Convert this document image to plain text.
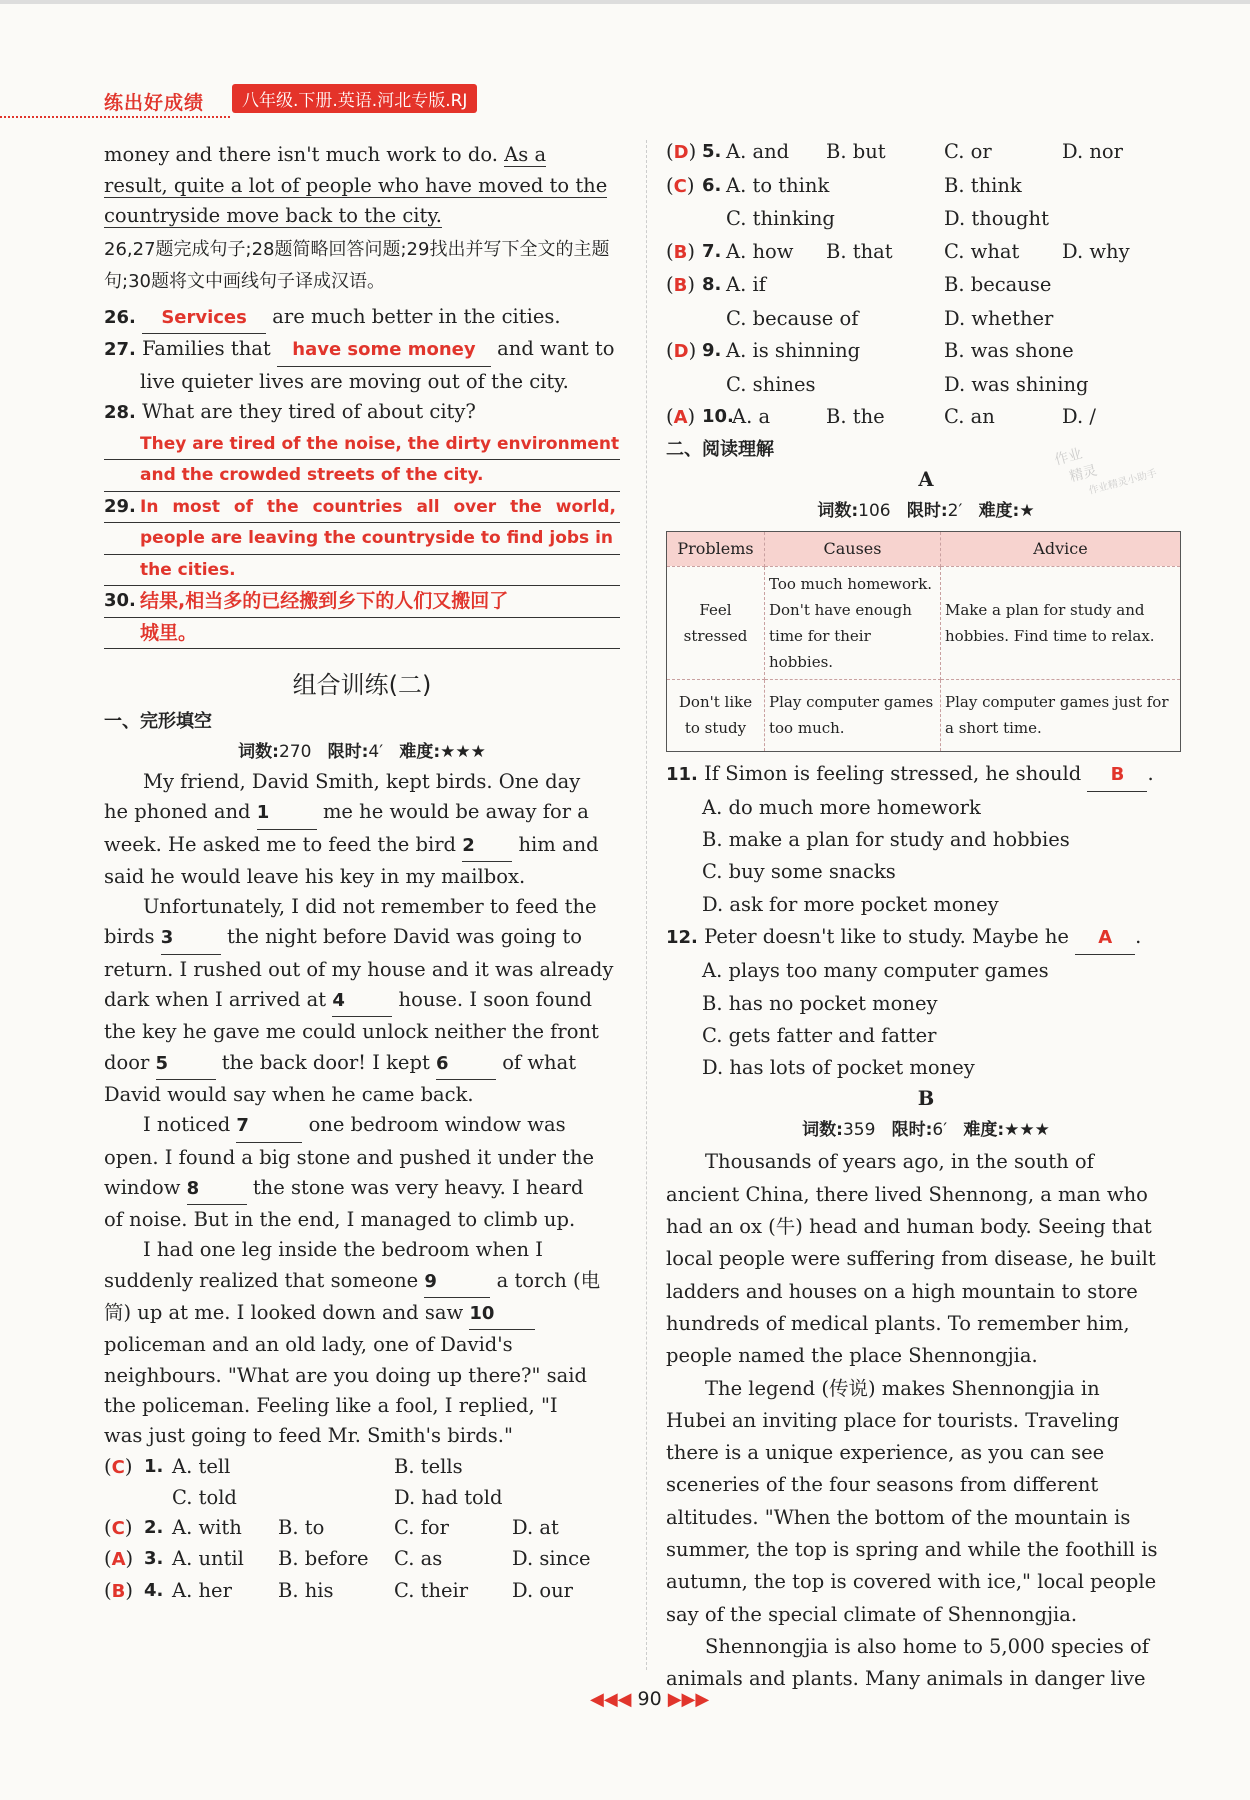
练出好成绩	八年级.下册.英语.河北专版.RJ
money and there isn't much work to do. As a
result, quite a lot of people who have moved to the
countryside move back to the city.
26,27题完成句子;28题简略回答问题;29找出并写下全文的主题句;30题将文中画线句子译成汉语。
26. Services are much better in the cities.
27. Families that have some money and want to
live quieter lives are moving out of the city.
28. What are they tired of about city?
They are tired of the noise, the dirty environment
and the crowded streets of the city.
29. In most of the countries all over the world,
people are leaving the countryside to find jobs in
the cities.
30. 结果,相当多的已经搬到乡下的人们又搬回了
城里。
组合训练(二)
一、完形填空
词数:270 限时:4′ 难度:★★★
My friend, David Smith, kept birds. One day
he phoned and 1	me he would be away for a
week. He asked me to feed the bird 2 him and
said he would leave his key in my mailbox.
Unfortunately, I did not remember to feed the
birds 3	the night before David was going to
return. I rushed out of my house and it was already
dark when I arrived at 4	house. I soon found
the key he gave me could unlock neither the front
door 5	the back door! I kept 6	of what
David would say when he came back.
I noticed 7	one bedroom window was
open. I found a big stone and pushed it under the
window 8	the stone was very heavy. I heard
of noise. But in the end, I managed to climb up.
I had one leg inside the bedroom when I
suddenly realized that someone 9	a torch (电
筒) up at me. I looked down and saw 10
policeman and an old lady, one of David's
neighbours. "What are you doing up there?" said
the policeman. Feeling like a fool, I replied, "I
was just going to feed Mr. Smith's birds."
(C) 1. A. tell	B. tells
C. told	D. had told
(C) 2. A. with	B. to	C. for	D. at
(A) 3. A. until	B. before	C. as	D. since
(B) 4. A. her	B. his	C. their	D. our
(D) 5. A. and	B. but	C. or	D. nor
(C) 6. A. to think	B. think
C. thinking	D. thought
(B) 7. A. how	B. that	C. what	D. why
(B) 8. A. if	B. because
C. because of	D. whether
(D) 9. A. is shinning	B. was shone
C. shines	D. was shining
(A) 10.
A. a	B. the	C. an	D. /
二、阅读理解
A
词数:106 限时:2′ 难度:★
Problems	Causes	Advice
Feel stressed	Too much homework. Don't have enough time for their hobbies.	Make a plan for study and hobbies. Find time to relax.
Don't like to study	Play computer games too much.	Play computer games just for a short time.
11. If Simon is feeling stressed, he should B .
A. do much more homework
B. make a plan for study and hobbies
C. buy some snacks
D. ask for more pocket money
12. Peter doesn't like to study. Maybe he A .
A. plays too many computer games
B. has no pocket money
C. gets fatter and fatter
D. has lots of pocket money
B
词数:359 限时:6′ 难度:★★★
Thousands of years ago, in the south of
ancient China, there lived Shennong, a man who
had an ox (牛) head and human body. Seeing that
local people were suffering from disease, he built
ladders and houses on a high mountain to store
hundreds of medical plants. To remember him,
people named the place Shennongjia.
The legend (传说) makes Shennongjia in
Hubei an inviting place for tourists. Traveling
there is a unique experience, as you can see
sceneries of the four seasons from different
altitudes. "When the bottom of the mountain is
summer, the top is spring and while the foothill is
autumn, the top is covered with ice," local people
say of the special climate of Shennongjia.
Shennongjia is also home to 5,000 species of
animals and plants. Many animals in danger live
作业
精灵
作业精灵小助手
◀◀◀ 90 ▶▶▶
